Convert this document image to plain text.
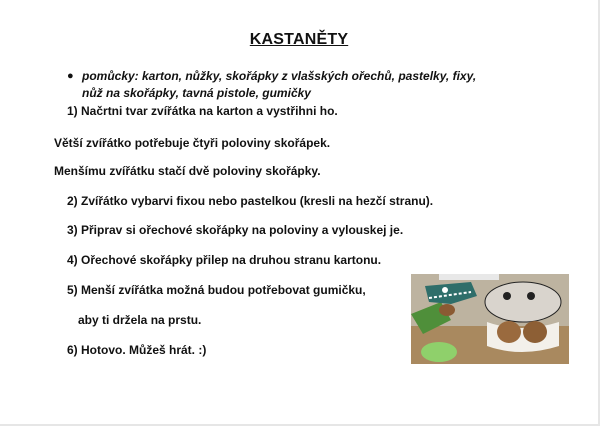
KASTANĚTY
● pomůcky: karton, nůžky, skořápky z vlašských ořechů, pastelky, fixy,
nůž na skořápky, tavná pistole, gumičky
1) Načrtni tvar zvířátka na karton a vystřihni ho.
Větší zvířátko potřebuje čtyři poloviny skořápek.
Menšímu zvířátku stačí dvě poloviny skořápky.
2) Zvířátko vybarvi fixou nebo pastelkou (kresli na hezčí stranu).
3) Připrav si ořechové skořápky na poloviny a vylouskej je.
4) Ořechové skořápky přilep na druhou stranu kartonu.
5) Menší zvířátka možná budou potřebovat gumičku,
aby ti držela na prstu.
6) Hotovo. Můžeš hrát. :)
